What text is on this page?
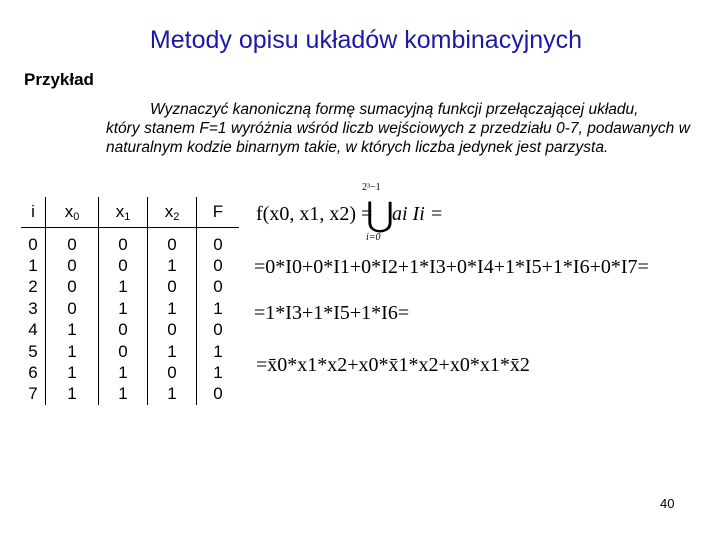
Metody opisu układów kombinacyjnych
Przykład
Wyznaczyć kanoniczną formę sumacyjną funkcji przełączającej układu,
który stanem F=1 wyróżnia wśród liczb wejściowych z przedziału 0-7, podawanych w naturalnym kodzie binarnym takie, w których liczba jedynek jest parzysta.
i	$x_0$	$x_1$	$x_2$	F
0	0	0	0	0
1	0	0	1	0
2	0	1	0	0
3	0	1	1	1
4	1	0	0	0
5	1	0	1	1
6	1	1	0	1
7	1	1	1	0
f(x0, x1, x2) =
2³−1
⋃
i=0
ai Ii =
=0*I0+0*I1+0*I2+1*I3+0*I4+1*I5+1*I6+0*I7=
=1*I3+1*I5+1*I6=
=x̄0*x1*x2+x0*x̄1*x2+x0*x1*x̄2
40
